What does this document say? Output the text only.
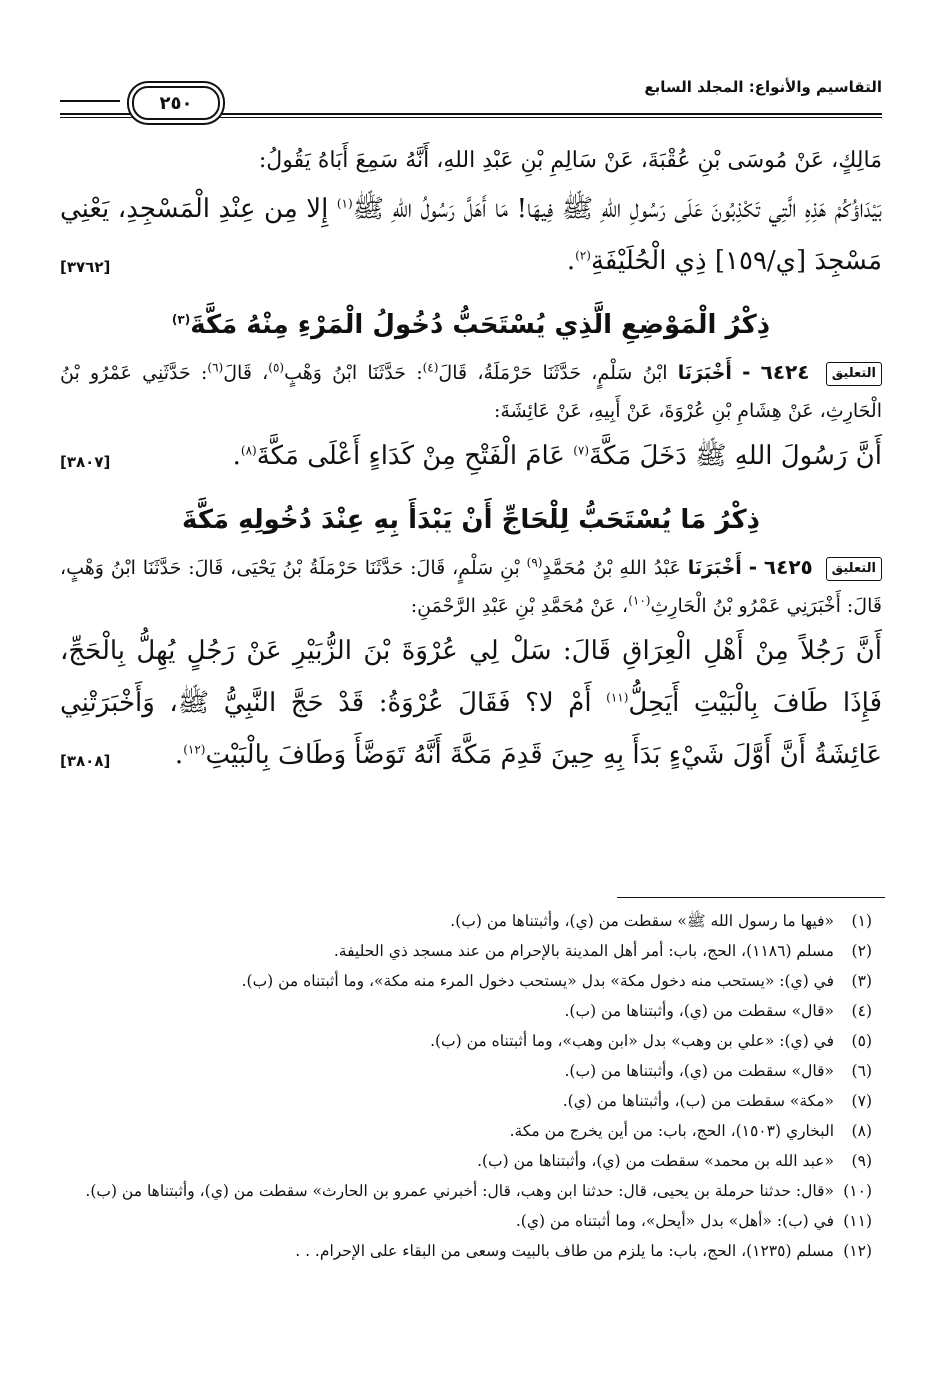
التقاسيم والأنواع: المجلد السابع
٢٥٠

مَالِكٍ، عَنْ مُوسَى بْنِ عُقْبَةَ، عَنْ سَالِمِ بْنِ عَبْدِ اللهِ، أَنَّهُ سَمِعَ أَبَاهُ يَقُولُ:

بَيْدَاؤُكُمْ هَذِهِ الَّتِي تَكْذِبُونَ عَلَى رَسُولِ اللهِ ﷺ فِيهَا! مَا أَهَلَّ رَسُولُ اللهِ ﷺ$^{(١)}$ إِلا مِن عِنْدِ الْمَسْجِدِ، يَعْنِي مَسْجِدَ [ي/١٥٩] ذِي الْحُلَيْفَةِ$^{(٢)}$.
[٣٧٦٢]

ذِكْرُ الْمَوْضِعِ الَّذِي يُسْتَحَبُّ دُخُولُ الْمَرْءِ مِنْهُ مَكَّةَ$^{(٣)}$

التعليق ٦٤٢٤ - أَخْبَرَنَا ابْنُ سَلْمٍ، حَدَّثَنَا حَرْمَلَةُ، قَالَ$^{(٤)}$: حَدَّثَنَا ابْنُ وَهْبٍ$^{(٥)}$، قَالَ$^{(٦)}$: حَدَّثَنِي عَمْرُو بْنُ الْحَارِثِ، عَنْ هِشَامِ بْنِ عُرْوَةَ، عَنْ أَبِيهِ، عَنْ عَائِشَةَ:

أَنَّ رَسُولَ اللهِ ﷺ دَخَلَ مَكَّةَ$^{(٧)}$ عَامَ الْفَتْحِ مِنْ كَدَاءٍ أَعْلَى مَكَّةَ$^{(٨)}$.
[٣٨٠٧]

ذِكْرُ مَا يُسْتَحَبُّ لِلْحَاجِّ أَنْ يَبْدَأَ بِهِ عِنْدَ دُخُولِهِ مَكَّةَ

التعليق ٦٤٢٥ - أَخْبَرَنَا عَبْدُ اللهِ بْنُ مُحَمَّدٍ$^{(٩)}$ بْنِ سَلْمٍ، قَالَ: حَدَّثَنَا حَرْمَلَةُ بْنُ يَحْيَى، قَالَ: حَدَّثَنَا ابْنُ وَهْبٍ، قَالَ: أَخْبَرَنِي عَمْرُو بْنُ الْحَارِثِ$^{(١٠)}$، عَنْ مُحَمَّدِ بْنِ عَبْدِ الرَّحْمَنِ:

أَنَّ رَجُلاً مِنْ أَهْلِ الْعِرَاقِ قَالَ: سَلْ لِي عُرْوَةَ بْنَ الزُّبَيْرِ عَنْ رَجُلٍ يُهِلُّ بِالْحَجِّ، فَإِذَا طَافَ بِالْبَيْتِ أَيَحِلُّ$^{(١١)}$ أَمْ لا؟ فَقَالَ عُرْوَةُ: قَدْ حَجَّ النَّبِيُّ ﷺ، وَأَخْبَرَتْنِي عَائِشَةُ أَنَّ أَوَّلَ شَيْءٍ بَدَأَ بِهِ حِينَ قَدِمَ مَكَّةَ أَنَّهُ تَوَضَّأَ وَطَافَ بِالْبَيْتِ$^{(١٢)}$.
[٣٨٠٨]

(١)
«فيها ما رسول الله ﷺ» سقطت من (ي)، وأثبتناها من (ب).
(٢)
مسلم (١١٨٦)، الحج، باب: أمر أهل المدينة بالإحرام من عند مسجد ذي الحليفة.
(٣)
في (ي): «يستحب منه دخول مكة» بدل «يستحب دخول المرء منه مكة»، وما أثبتناه من (ب).
(٤)
«قال» سقطت من (ي)، وأثبتناها من (ب).
(٥)
في (ي): «علي بن وهب» بدل «ابن وهب»، وما أثبتناه من (ب).
(٦)
«قال» سقطت من (ي)، وأثبتناها من (ب).
(٧)
«مكة» سقطت من (ب)، وأثبتناها من (ي).
(٨)
البخاري (١٥٠٣)، الحج، باب: من أين يخرج من مكة.
(٩)
«عبد الله بن محمد» سقطت من (ي)، وأثبتناها من (ب).
(١٠)
«قال: حدثنا حرملة بن يحيى، قال: حدثنا ابن وهب، قال: أخبرني عمرو بن الحارث» سقطت من (ي)، وأثبتناها من (ب).
(١١)
في (ب): «أهل» بدل «أيحل»، وما أثبتناه من (ي).
(١٢)
مسلم (١٢٣٥)، الحج، باب: ما يلزم من طاف بالبيت وسعى من البقاء على الإحرام. . .
